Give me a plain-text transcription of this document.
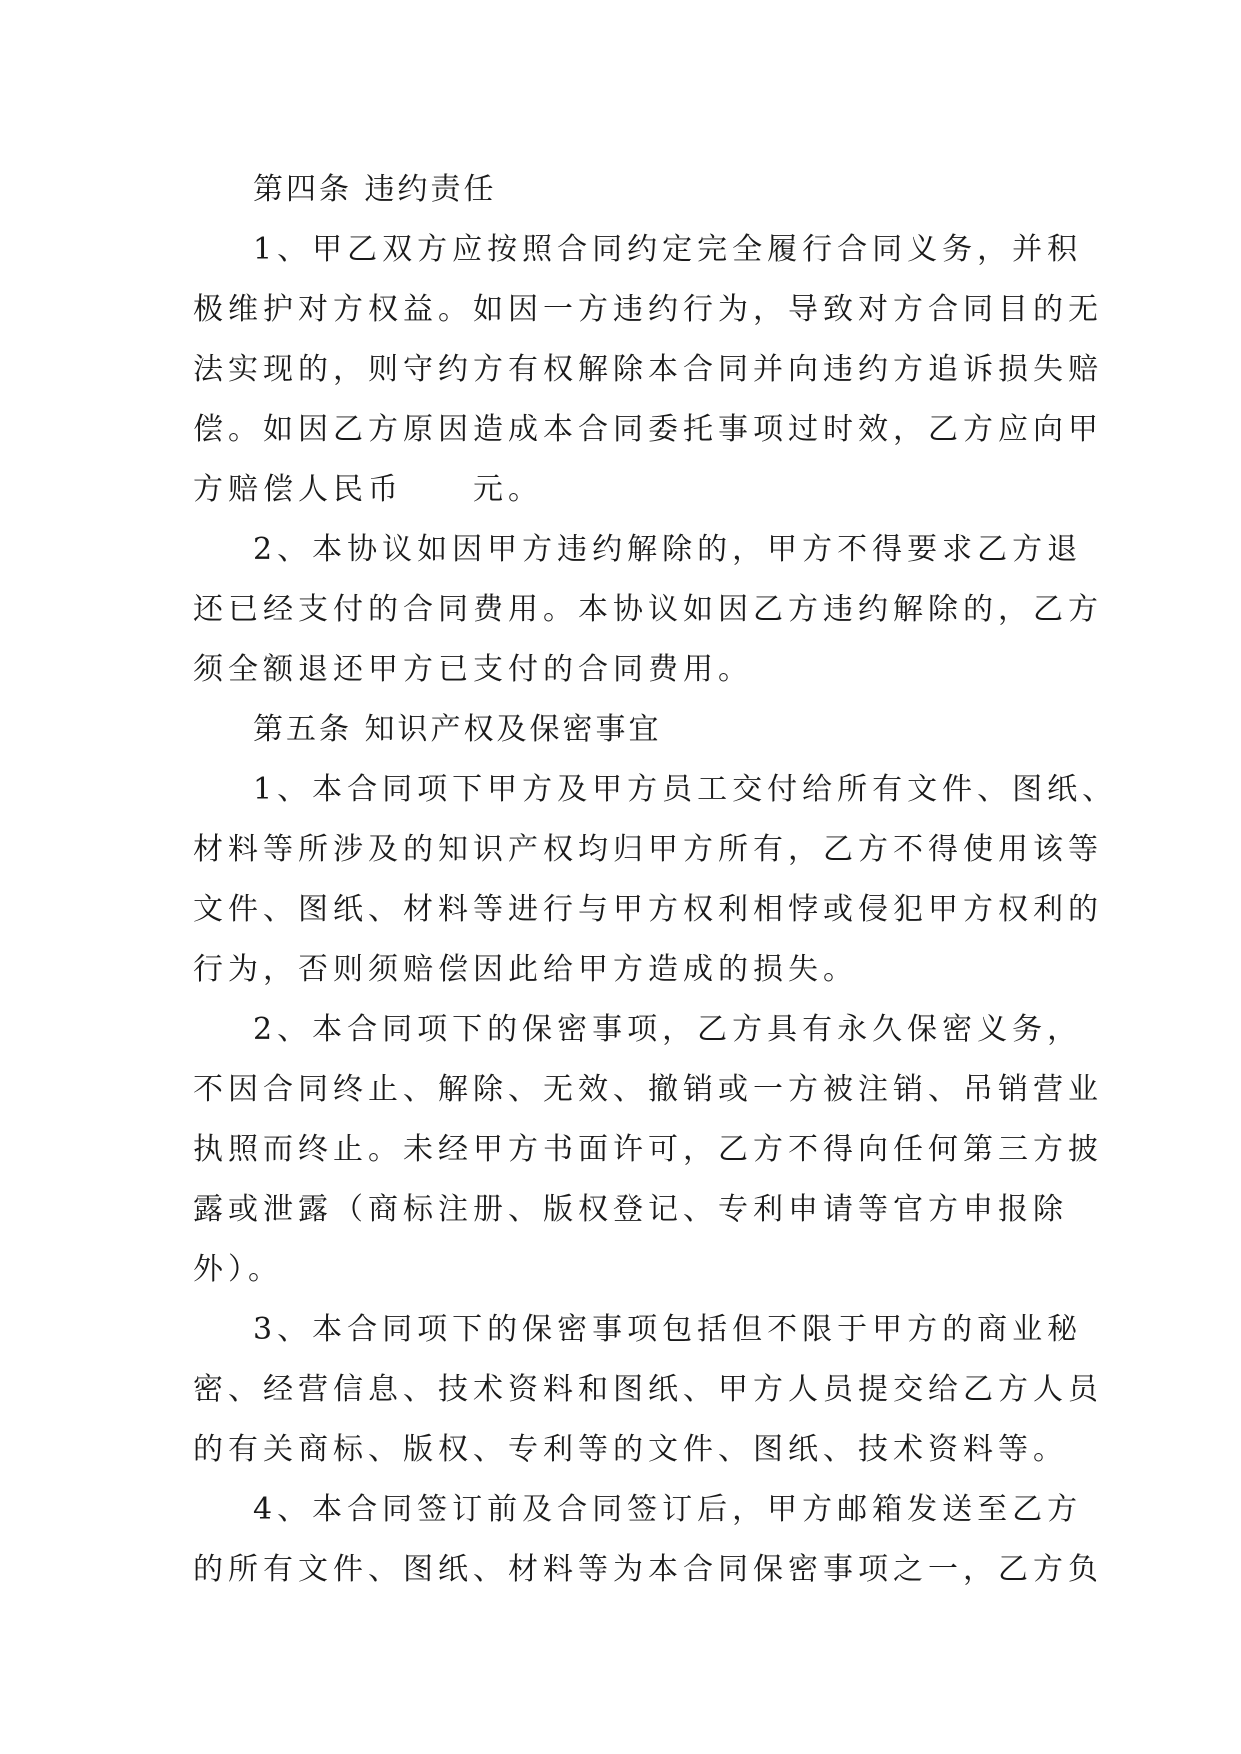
第四条 违约责任
1、甲乙双方应按照合同约定完全履行合同义务，并积
极维护对方权益。如因一方违约行为，导致对方合同目的无
法实现的，则守约方有权解除本合同并向违约方追诉损失赔
偿。如因乙方原因造成本合同委托事项过时效，乙方应向甲
方赔偿人民币　　元。
2、本协议如因甲方违约解除的，甲方不得要求乙方退
还已经支付的合同费用。本协议如因乙方违约解除的，乙方
须全额退还甲方已支付的合同费用。
第五条 知识产权及保密事宜
1、本合同项下甲方及甲方员工交付给所有文件、图纸、
材料等所涉及的知识产权均归甲方所有，乙方不得使用该等
文件、图纸、材料等进行与甲方权利相悖或侵犯甲方权利的
行为，否则须赔偿因此给甲方造成的损失。
2、本合同项下的保密事项，乙方具有永久保密义务，
不因合同终止、解除、无效、撤销或一方被注销、吊销营业
执照而终止。未经甲方书面许可，乙方不得向任何第三方披
露或泄露（商标注册、版权登记、专利申请等官方申报除
外）。
3、本合同项下的保密事项包括但不限于甲方的商业秘
密、经营信息、技术资料和图纸、甲方人员提交给乙方人员
的有关商标、版权、专利等的文件、图纸、技术资料等。
4、本合同签订前及合同签订后，甲方邮箱发送至乙方
的所有文件、图纸、材料等为本合同保密事项之一，乙方负
